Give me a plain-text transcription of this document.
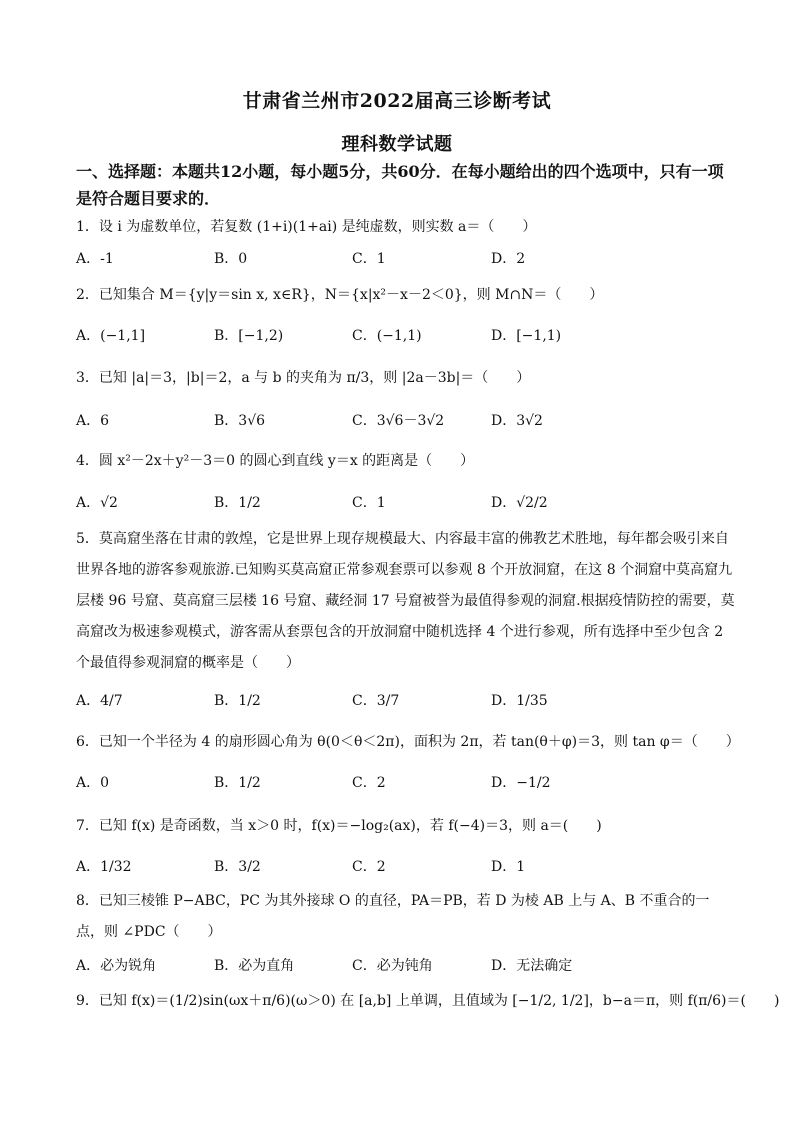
甘肃省兰州市2022届高三诊断考试
理科数学试题
一、选择题：本题共12小题，每小题5分，共60分．在每小题给出的四个选项中，只有一项是符合题目要求的．
1．设 i 为虚数单位，若复数 (1+i)(1+ai) 是纯虚数，则实数 a＝（　　）
A．-1	B．0	C．1	D．2
2．已知集合 M＝{y|y＝sin x, x∈R}，N＝{x|x²－x－2＜0}，则 M∩N＝（　　）
A．(−1,1]	B．[−1,2)	C．(−1,1)	D．[−1,1)
3．已知 |a|＝3，|b|＝2，a 与 b 的夹角为 π/3，则 |2a－3b|＝（　　）
A．6	B．3√6	C．3√6－3√2	D．3√2
4．圆 x²－2x＋y²－3＝0 的圆心到直线 y＝x 的距离是（　　）
A．√2	B．1/2	C．1	D．√2/2
5．莫高窟坐落在甘肃的敦煌，它是世界上现存规模最大、内容最丰富的佛教艺术胜地，每年都会吸引来自世界各地的游客参观旅游.已知购买莫高窟正常参观套票可以参观 8 个开放洞窟，在这 8 个洞窟中莫高窟九层楼 96 号窟、莫高窟三层楼 16 号窟、藏经洞 17 号窟被誉为最值得参观的洞窟.根据疫情防控的需要，莫高窟改为极速参观模式，游客需从套票包含的开放洞窟中随机选择 4 个进行参观，所有选择中至少包含 2 个最值得参观洞窟的概率是（　　）
A．4/7	B．1/2	C．3/7	D．1/35
6．已知一个半径为 4 的扇形圆心角为 θ(0＜θ＜2π)，面积为 2π，若 tan(θ＋φ)＝3，则 tan φ＝（　　）
A．0	B．1/2	C．2	D．−1/2
7．已知 f(x) 是奇函数，当 x＞0 时，f(x)＝−log₂(ax)，若 f(−4)＝3，则 a＝(　　)
A．1/32	B．3/2	C．2	D．1
8．已知三棱锥 P−ABC，PC 为其外接球 O 的直径，PA＝PB，若 D 为棱 AB 上与 A、B 不重合的一点，则 ∠PDC（　　）
A．必为锐角	B．必为直角	C．必为钝角	D．无法确定
9．已知 f(x)＝(1/2)sin(ωx＋π/6)(ω＞0) 在 [a,b] 上单调，且值域为 [−1/2, 1/2]，b−a＝π，则 f(π/6)＝(　　)
